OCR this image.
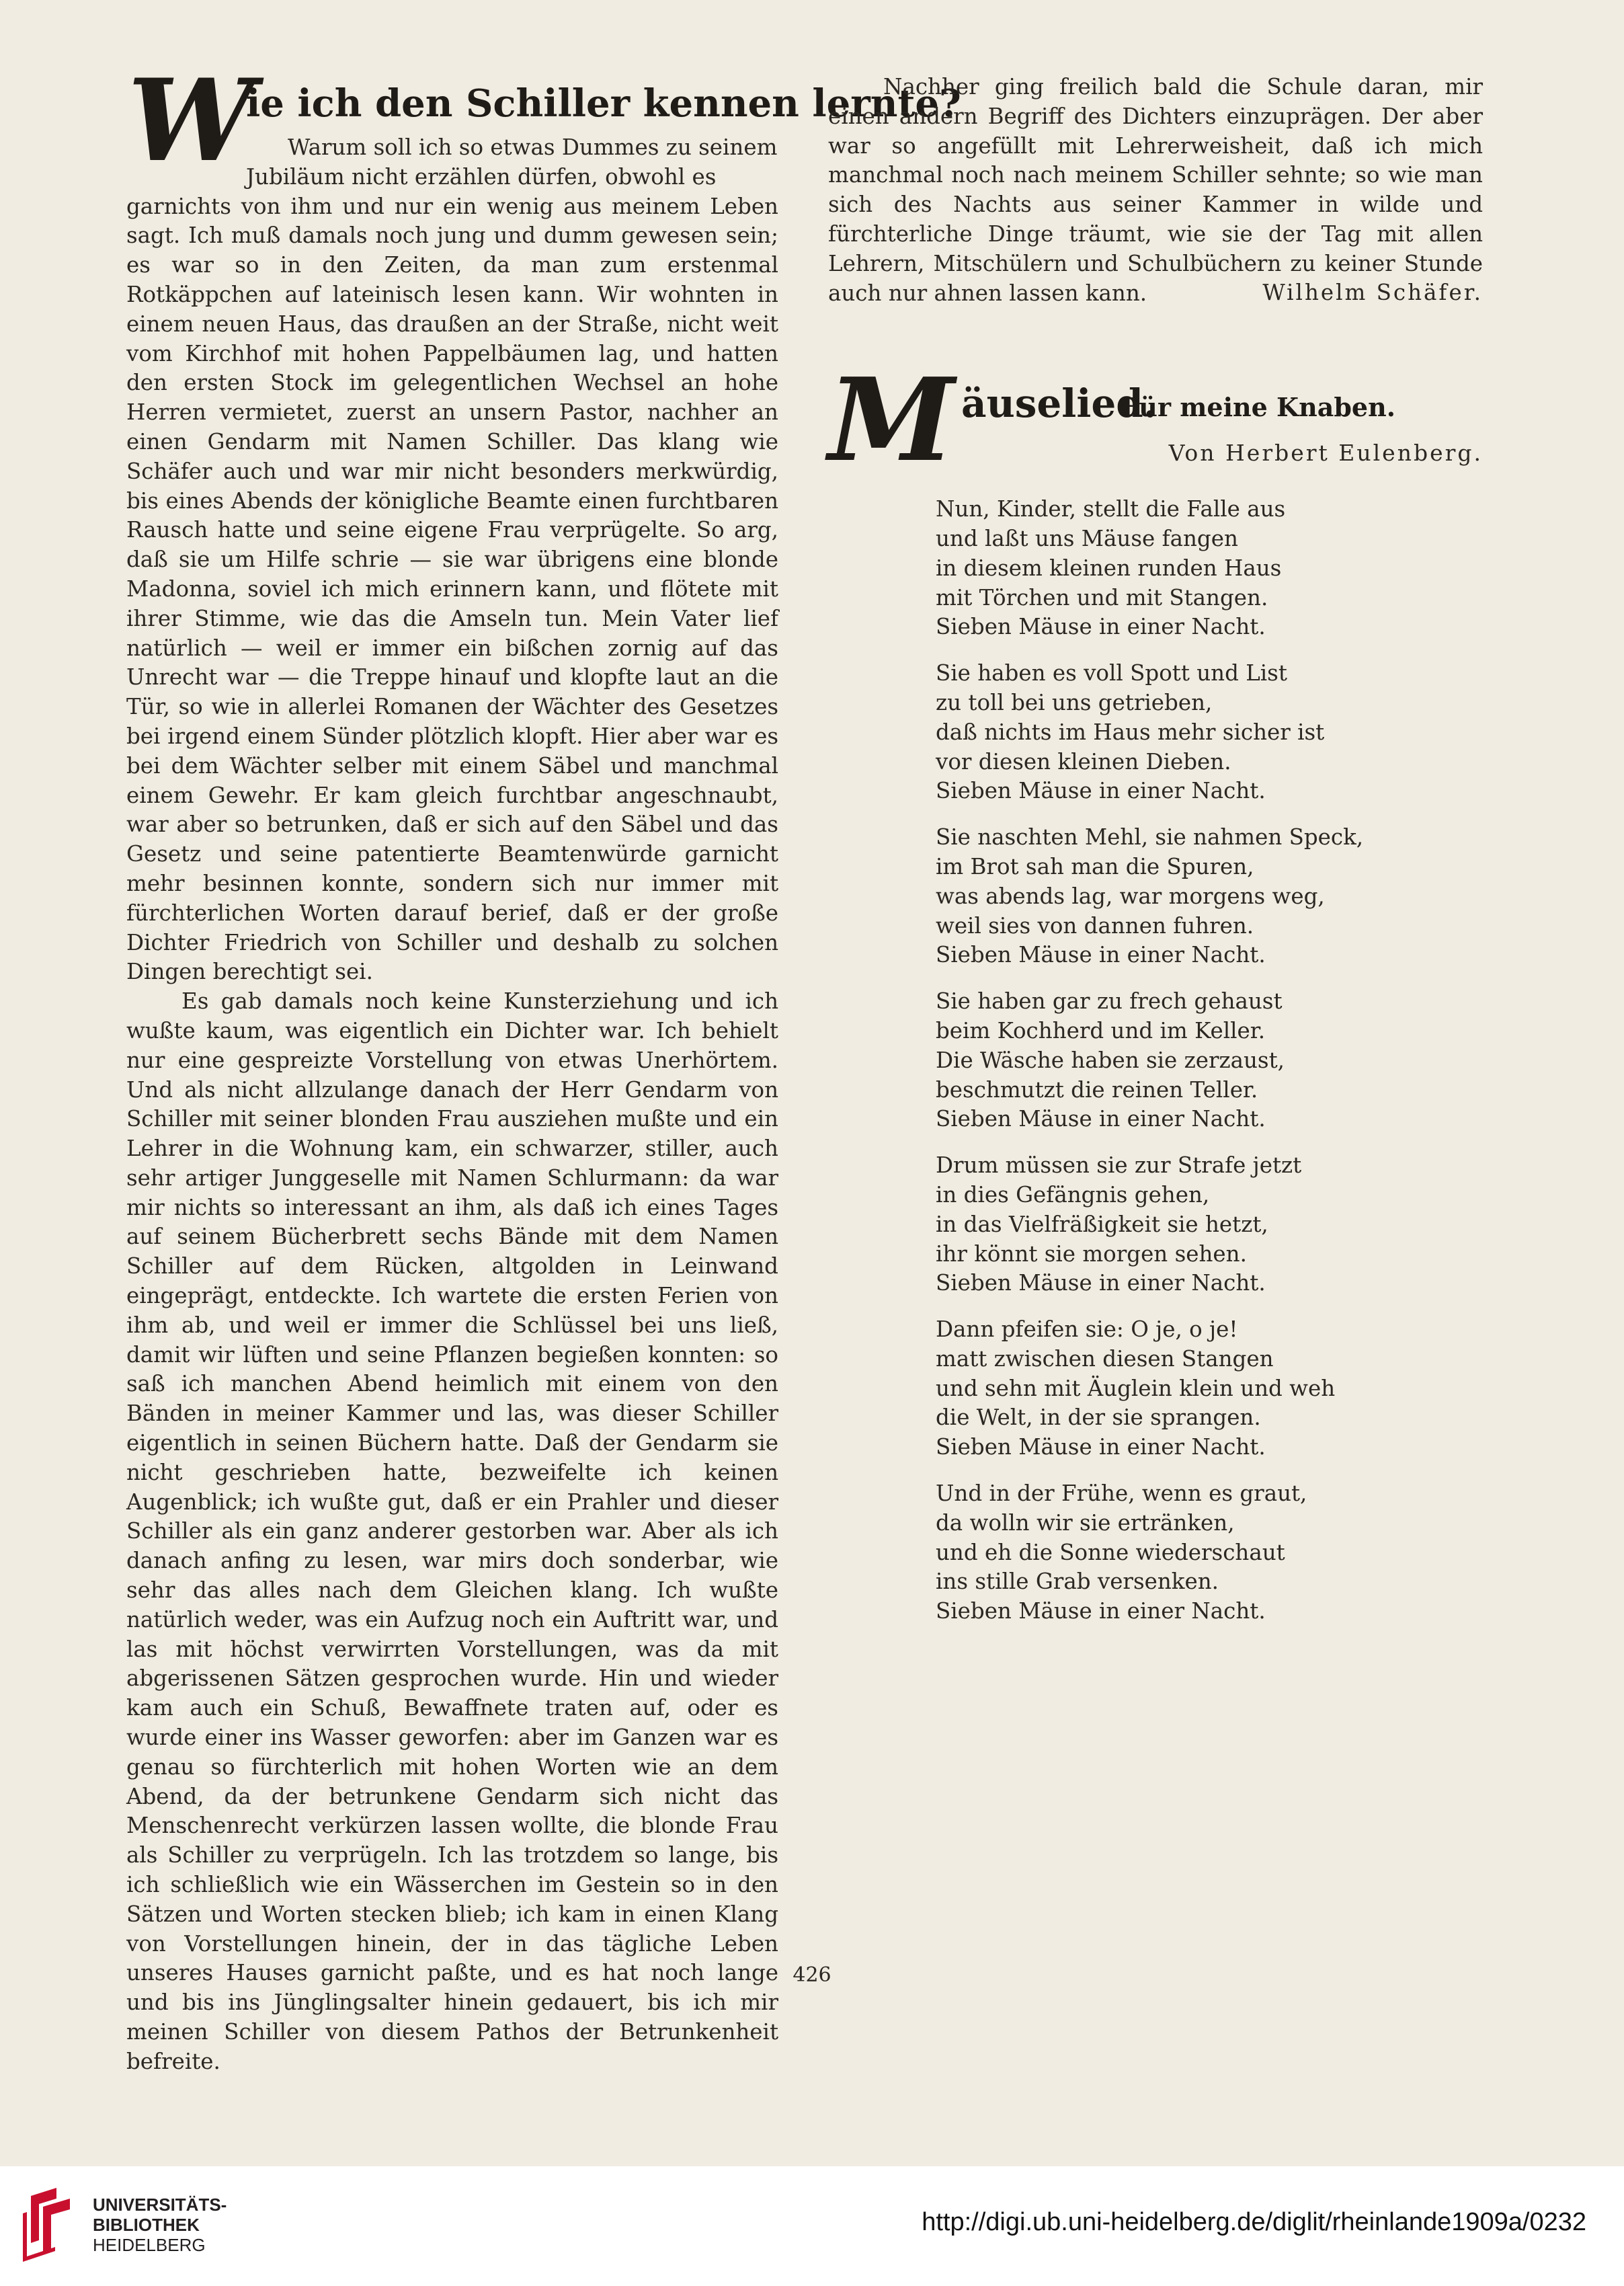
W
ie ich den Schiller kennen lernte?

Warum soll ich so etwas Dummes zu seinem

Jubiläum nicht erzählen dürfen, obwohl es

garnichts von ihm und nur ein wenig aus meinem Leben sagt. Ich muß damals noch jung und dumm gewesen sein; es war so in den Zeiten, da man zum erstenmal Rotkäppchen auf lateinisch lesen kann. Wir wohnten in einem neuen Haus, das draußen an der Straße, nicht weit vom Kirchhof mit hohen Pappelbäumen lag, und hatten den ersten Stock im gelegentlichen Wechsel an hohe Herren vermietet, zuerst an unsern Pastor, nachher an einen Gendarm mit Namen Schiller. Das klang wie Schäfer auch und war mir nicht besonders merkwürdig, bis eines Abends der königliche Beamte einen furchtbaren Rausch hatte und seine eigene Frau verprügelte. So arg, daß sie um Hilfe schrie — sie war übrigens eine blonde Madonna, soviel ich mich erinnern kann, und flötete mit ihrer Stimme, wie das die Amseln tun. Mein Vater lief natürlich — weil er immer ein bißchen zornig auf das Unrecht war — die Treppe hinauf und klopfte laut an die Tür, so wie in allerlei Romanen der Wächter des Gesetzes bei irgend einem Sünder plötzlich klopft. Hier aber war es bei dem Wächter selber mit einem Säbel und manchmal einem Gewehr. Er kam gleich furchtbar angeschnaubt, war aber so betrunken, daß er sich auf den Säbel und das Gesetz und seine patentierte Beamtenwürde garnicht mehr besinnen konnte, sondern sich nur immer mit fürchterlichen Worten darauf berief, daß er der große Dichter Friedrich von Schiller und deshalb zu solchen Dingen berechtigt sei.

Es gab damals noch keine Kunsterziehung und ich wußte kaum, was eigentlich ein Dichter war. Ich behielt nur eine gespreizte Vorstellung von etwas Unerhörtem. Und als nicht allzulange danach der Herr Gendarm von Schiller mit seiner blonden Frau ausziehen mußte und ein Lehrer in die Wohnung kam, ein schwarzer, stiller, auch sehr artiger Junggeselle mit Namen Schlurmann: da war mir nichts so interessant an ihm, als daß ich eines Tages auf seinem Bücherbrett sechs Bände mit dem Namen Schiller auf dem Rücken, altgolden in Leinwand eingeprägt, entdeckte. Ich wartete die ersten Ferien von ihm ab, und weil er immer die Schlüssel bei uns ließ, damit wir lüften und seine Pflanzen begießen konnten: so saß ich manchen Abend heimlich mit einem von den Bänden in meiner Kammer und las, was dieser Schiller eigentlich in seinen Büchern hatte. Daß der Gendarm sie nicht geschrieben hatte, bezweifelte ich keinen Augenblick; ich wußte gut, daß er ein Prahler und dieser Schiller als ein ganz anderer gestorben war. Aber als ich danach anfing zu lesen, war mirs doch sonderbar, wie sehr das alles nach dem Gleichen klang. Ich wußte natürlich weder, was ein Aufzug noch ein Auftritt war, und las mit höchst verwirrten Vorstellungen, was da mit abgerissenen Sätzen gesprochen wurde. Hin und wieder kam auch ein Schuß, Bewaffnete traten auf, oder es wurde einer ins Wasser geworfen: aber im Ganzen war es genau so fürchterlich mit hohen Worten wie an dem Abend, da der betrunkene Gendarm sich nicht das Menschenrecht verkürzen lassen wollte, die blonde Frau als Schiller zu verprügeln. Ich las trotzdem so lange, bis ich schließlich wie ein Wässerchen im Gestein so in den Sätzen und Worten stecken blieb; ich kam in einen Klang von Vorstellungen hinein, der in das tägliche Leben unseres Hauses garnicht paßte, und es hat noch lange und bis ins Jünglingsalter hinein gedauert, bis ich mir meinen Schiller von diesem Pathos der Betrunkenheit befreite.

Nachher ging freilich bald die Schule daran, mir einen andern Begriff des Dichters einzuprägen. Der aber war so angefüllt mit Lehrerweisheit, daß ich mich manchmal noch nach meinem Schiller sehnte; so wie man sich des Nachts aus seiner Kammer in wilde und fürchterliche Dinge träumt, wie sie der Tag mit allen Lehrern, Mitschülern und Schulbüchern zu keiner Stunde auch nur ahnen lassen kann.	Wilhelm Schäfer.

M äuselied.
Für meine Knaben.
Von Herbert Eulenberg.
Nun, Kinder, stellt die Falle aus
und laßt uns Mäuse fangen
in diesem kleinen runden Haus
mit Törchen und mit Stangen.
Sieben Mäuse in einer Nacht.
Sie haben es voll Spott und List
zu toll bei uns getrieben,
daß nichts im Haus mehr sicher ist
vor diesen kleinen Dieben.
Sieben Mäuse in einer Nacht.
Sie naschten Mehl, sie nahmen Speck,
im Brot sah man die Spuren,
was abends lag, war morgens weg,
weil sies von dannen fuhren.
Sieben Mäuse in einer Nacht.
Sie haben gar zu frech gehaust
beim Kochherd und im Keller.
Die Wäsche haben sie zerzaust,
beschmutzt die reinen Teller.
Sieben Mäuse in einer Nacht.
Drum müssen sie zur Strafe jetzt
in dies Gefängnis gehen,
in das Vielfräßigkeit sie hetzt,
ihr könnt sie morgen sehen.
Sieben Mäuse in einer Nacht.
Dann pfeifen sie: O je, o je!
matt zwischen diesen Stangen
und sehn mit Äuglein klein und weh
die Welt, in der sie sprangen.
Sieben Mäuse in einer Nacht.
Und in der Frühe, wenn es graut,
da wolln wir sie ertränken,
und eh die Sonne wiederschaut
ins stille Grab versenken.
Sieben Mäuse in einer Nacht.
426
UNIVERSITÄTS-
BIBLIOTHEK
HEIDELBERG
http://digi.ub.uni-heidelberg.de/diglit/rheinlande1909a/0232
